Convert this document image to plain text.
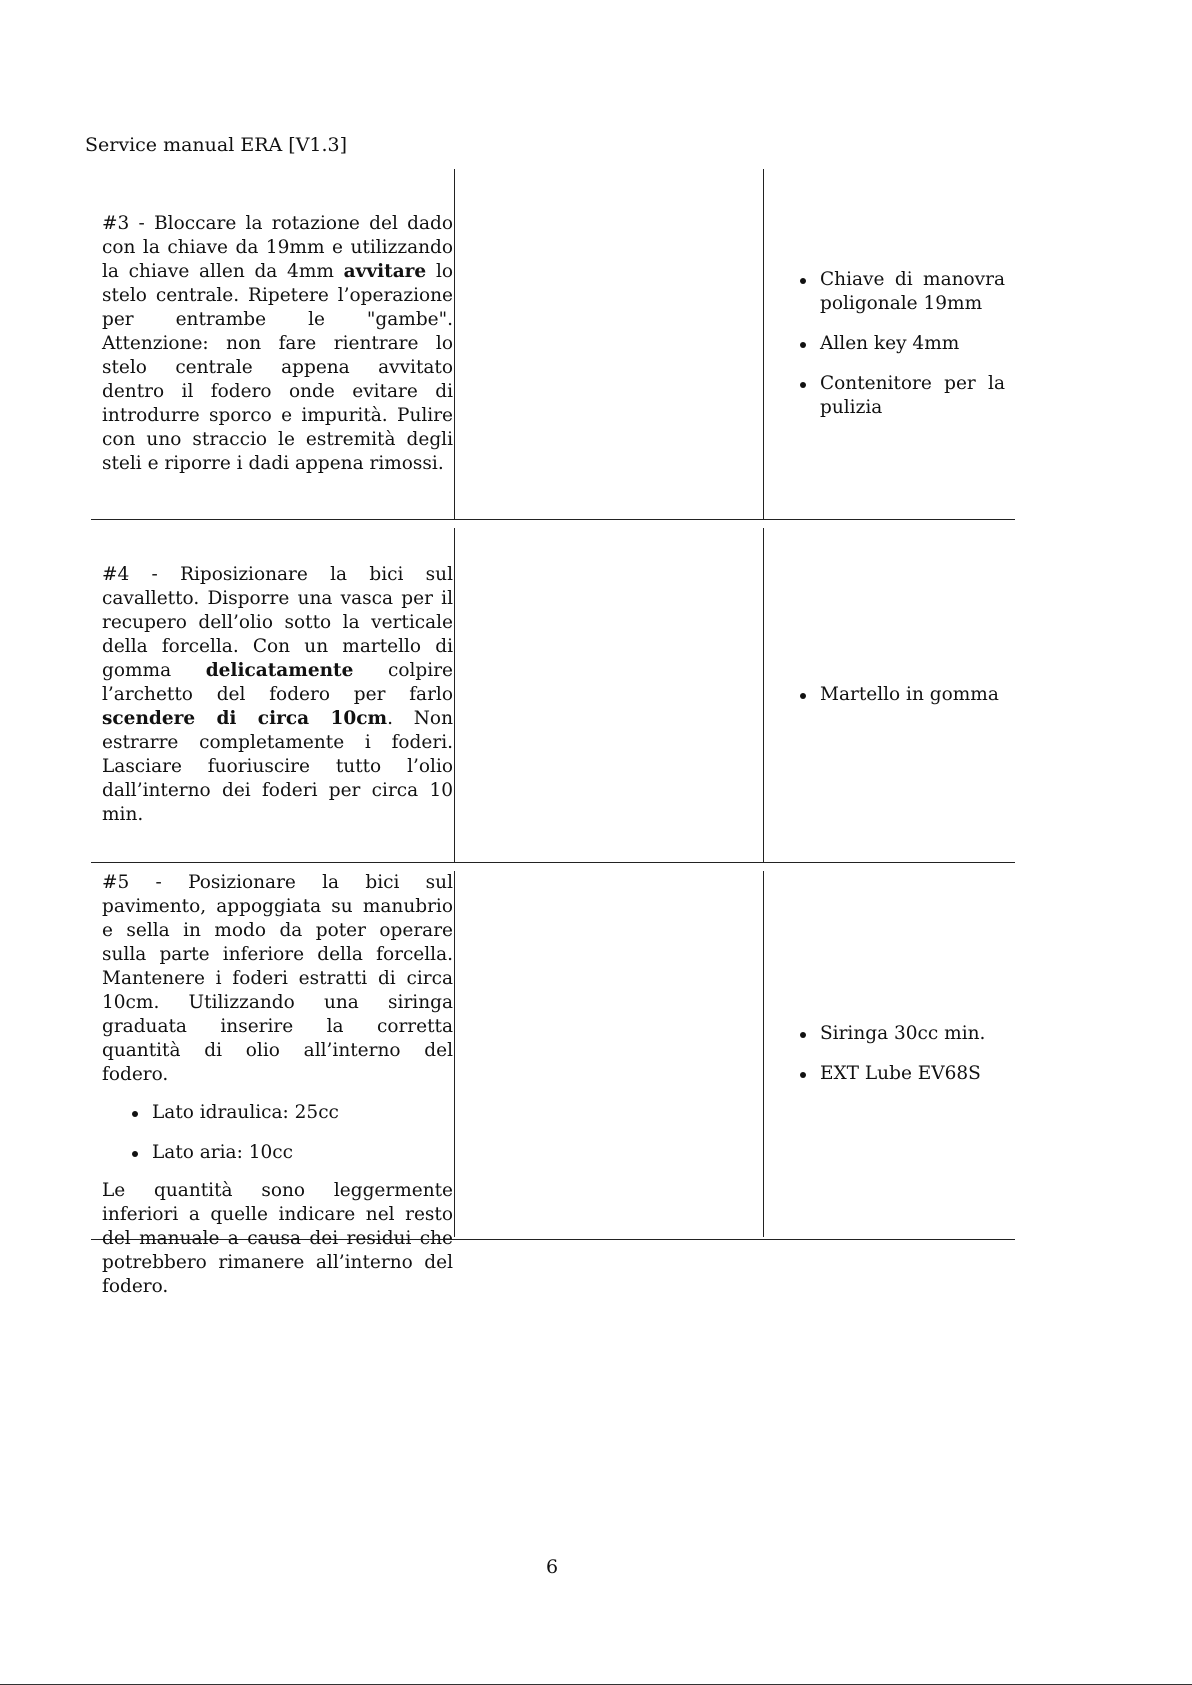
Service manual ERA [V1.3]
#3 - Bloccare la rotazione del dado con la chiave da 19mm e utilizzando la chiave allen da 4mm avvitare lo stelo centrale. Ripetere l’operazione per entrambe le "gambe". Attenzione: non fare rientrare lo stelo centrale appena avvitato dentro il fodero onde evitare di introdurre sporco e impurità. Pulire con uno straccio le estremità degli steli e riporre i dadi appena rimossi.
Chiave di manovra poligonale 19mm
Allen key 4mm
Contenitore per la pulizia
#4 - Riposizionare la bici sul cavalletto. Disporre una vasca per il recupero dell’olio sotto la verticale della forcella. Con un martello di gomma delicatamente colpire l’archetto del fodero per farlo scendere di circa 10cm. Non estrarre completamente i foderi. Lasciare fuoriuscire tutto l’olio dall’interno dei foderi per circa 10 min.
Martello in gomma

#5 - Posizionare la bici sul pavimento, appoggiata su manubrio e sella in modo da poter operare sulla parte inferiore della forcella. Mantenere i foderi estratti di circa 10cm. Utilizzando una siringa graduata inserire la corretta quantità di olio all’interno del fodero.

Lato idraulica: 25cc
Lato aria: 10cc

Le quantità sono leggermente inferiori a quelle indicare nel resto del manuale a causa dei residui che potrebbero rimanere all’interno del fodero.

Siringa 30cc min.
EXT Lube EV68S
6
